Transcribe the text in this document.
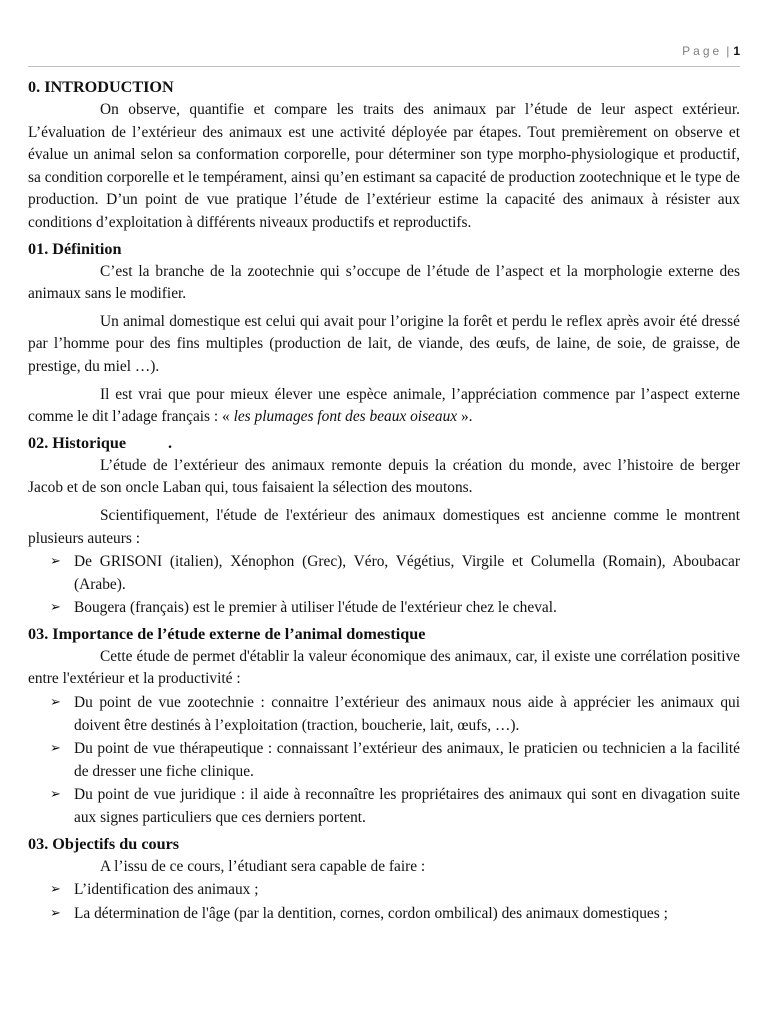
Page | 1
0. INTRODUCTION

On observe, quantifie et compare les traits des animaux par l’étude de leur aspect extérieur. L’évaluation de l’extérieur des animaux est une activité déployée par étapes. Tout premièrement on observe et évalue un animal selon sa conformation corporelle, pour déterminer son type morpho-physiologique et productif, sa condition corporelle et le tempérament, ainsi qu’en estimant sa capacité de production zootechnique et le type de production. D’un point de vue pratique l’étude de l’extérieur estime la capacité des animaux à résister aux conditions d’exploitation à différents niveaux productifs et reproductifs.

01. Définition

C’est la branche de la zootechnie qui s’occupe de l’étude de l’aspect et la morphologie externe des animaux sans le modifier.

Un animal domestique est celui qui avait pour l’origine la forêt et perdu le reflex après avoir été dressé par l’homme pour des fins multiples (production de lait, de viande, des œufs, de laine, de soie, de graisse, de prestige, du miel …).

Il est vrai que pour mieux élever une espèce animale, l’appréciation commence par l’aspect externe comme le dit l’adage français : « les plumages font des beaux oiseaux ».

02. Historique	.

L’étude de l’extérieur des animaux remonte depuis la création du monde, avec l’histoire de berger Jacob et de son oncle Laban qui, tous faisaient la sélection des moutons.

Scientifiquement, l'étude de l'extérieur des animaux domestiques est ancienne comme le montrent plusieurs auteurs :

➢ De GRISONI (italien), Xénophon (Grec), Véro, Végétius, Virgile et Columella (Romain), Aboubacar (Arabe).
➢ Bougera (français) est le premier à utiliser l'étude de l'extérieur chez le cheval.
03. Importance de l’étude externe de l’animal domestique

Cette étude de permet d'établir la valeur économique des animaux, car, il existe une corrélation positive entre l'extérieur et la productivité :

➢ Du point de vue zootechnie : connaitre l’extérieur des animaux nous aide à apprécier les animaux qui doivent être destinés à l’exploitation (traction, boucherie, lait, œufs, …).
➢ Du point de vue thérapeutique : connaissant l’extérieur des animaux, le praticien ou technicien a la facilité de dresser une fiche clinique.
➢ Du point de vue juridique : il aide à reconnaître les propriétaires des animaux qui sont en divagation suite aux signes particuliers que ces derniers portent.
03. Objectifs du cours

A l’issu de ce cours, l’étudiant sera capable de faire :

➢ L’identification des animaux ;
➢ La détermination de l'âge (par la dentition, cornes, cordon ombilical) des animaux domestiques ;
